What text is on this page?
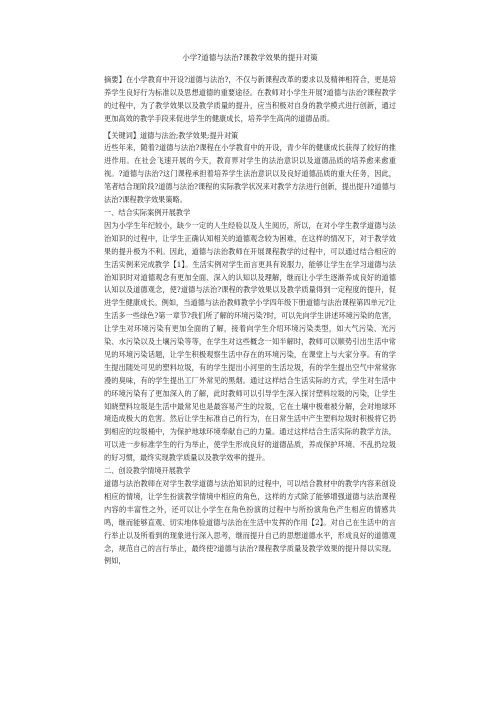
小学?道德与法治?课教学效果的提升对策

摘要】在小学教育中开设?道德与法治?，不仅与新课程改革的要求以及精神相符合，更是培养学生良好行为标准以及思想道德的重要途径。在教师对小学生开展?道德与法治?课程教学的过程中，为了教学效果以及教学质量的提升，应当积极对自身的教学模式进行创新，通过更加高效的教学手段来促进学生的健康成长，培养学生高尚的道德品质。

【关键词】道德与法治;教学效果;提升对策

近些年来，随着?道德与法治?课程在小学教育中的开设，青少年的健康成长获得了较好的推进作用。在社会飞速开展的今天，教育界对学生的法治意识以及道德品质的培养愈来愈重视。?道德与法治?这门课程承担着培养学生法治意识以及良好道德品质的重大任务，因此，笔者结合现阶段?道德与法治?课程的实际教学状况来对教学方法进行创新，提出提升?道德与法治?课程教学效果策略。

一、结合实际案例开展教学

因为小学生年纪较小，缺少一定的人生经验以及人生阅历，所以，在对小学生教学道德与法治知识的过程中，让学生正确认知相关的道德观念较为困难，在这样的情况下，对于教学效果的提升极为不利。因此，道德与法治教师在开展课程教学的过程中，可以通过结合相应的生活实例来完成教学【1】。生活实例对学生而言更具有说服力，能够让学生在学习道德与法治知识时对道德观念有更加全面、深入的认知以及理解，继而让小学生逐渐养成良好的道德认知以及道德观念，使?道德与法治?课程的教学效果以及教学质量得到一定程度的提升，促进学生健康成长。例如，当道德与法治教师教学小学四年级下册道德与法治课程第四单元?让生活多一些绿色?第一章节?我们所了解的环境污染?时，可以先向学生讲述环境污染的危害，让学生对环境污染有更加全面的了解，接着向学生介绍环境污染类型，如大气污染、光污染、水污染以及土壤污染等等，在学生对这些概念一知半解时，教师可以顺势引出生活中常见的环境污染话题，让学生积极观察生活中存在的环境污染，在课堂上与大家分享。有的学生提出随处可见的塑料垃圾，有的学生提出小河里的生活垃圾，有的学生提出空气中常常弥漫的臭味，有的学生提出工厂外常见的黑烟。通过这样结合生活实际的方式，学生对生活中的环境污染有了更加深入的了解，此时教师可以引导学生深入探讨塑料垃圾的污染，让学生知晓塑料垃圾是生活中最常见也是最容易产生的垃圾，它在土壤中极难被分解，会对地球环境造成极大的危害。然后让学生标准自己的行为，在日常生活中产生塑料垃圾时积极将它扔到相应的垃圾桶中，为保护地球环境奉献自己的力量。通过这样结合生活实际的教学方法，可以进一步标准学生的行为举止，使学生形成良好的道德品质，养成保护环境、不乱扔垃圾的好习惯，最终实现教学质量以及教学效率的提升。

二、创设教学情境开展教学

道德与法治教师在对学生教学道德与法治知识的过程中，可以结合教材中的教学内容来创设相应的情境，让学生扮演教学情境中相应的角色，这样的方式除了能够增强道德与法治课程内容的丰富性之外，还可以让小学生在角色扮演的过程中与所扮演角色产生相应的情感共鸣，继而能够直观、切实地体验道德与法治在生活中发挥的作用【2】。对自己在生活中的言行举止以及所看到的现象进行深入思考，继而提升自己的思想道德水平，形成良好的道德观念，规范自己的言行举止，最终使?道德与法治?课程教学质量及教学效果的提升得以实现。例如，
